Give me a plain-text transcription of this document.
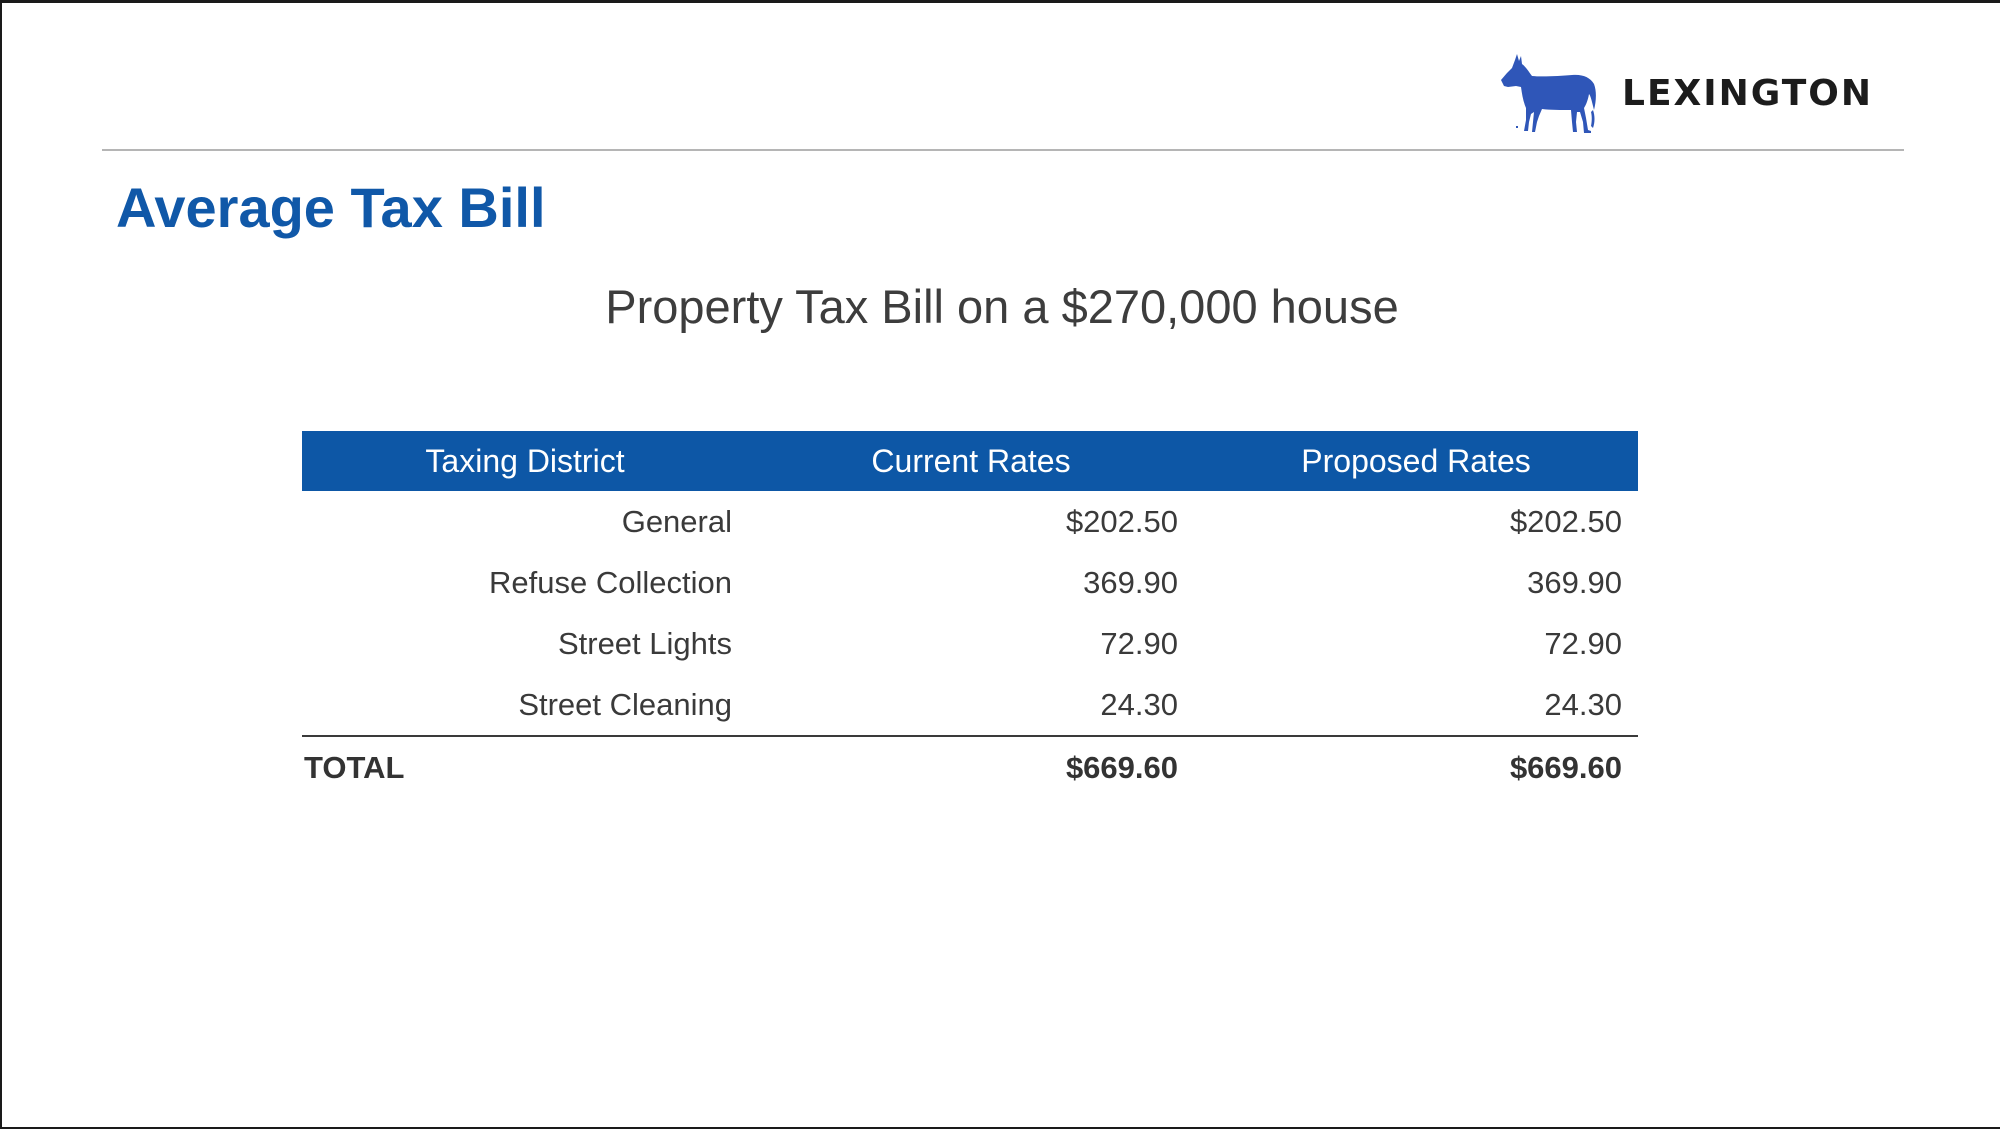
LEXINGTON
Average Tax Bill
Property Tax Bill on a $270,000 house
Taxing District	Current Rates	Proposed Rates
General	$202.50	$202.50
Refuse Collection	369.90	369.90
Street Lights	72.90	72.90
Street Cleaning	24.30	24.30
TOTAL	$669.60	$669.60
